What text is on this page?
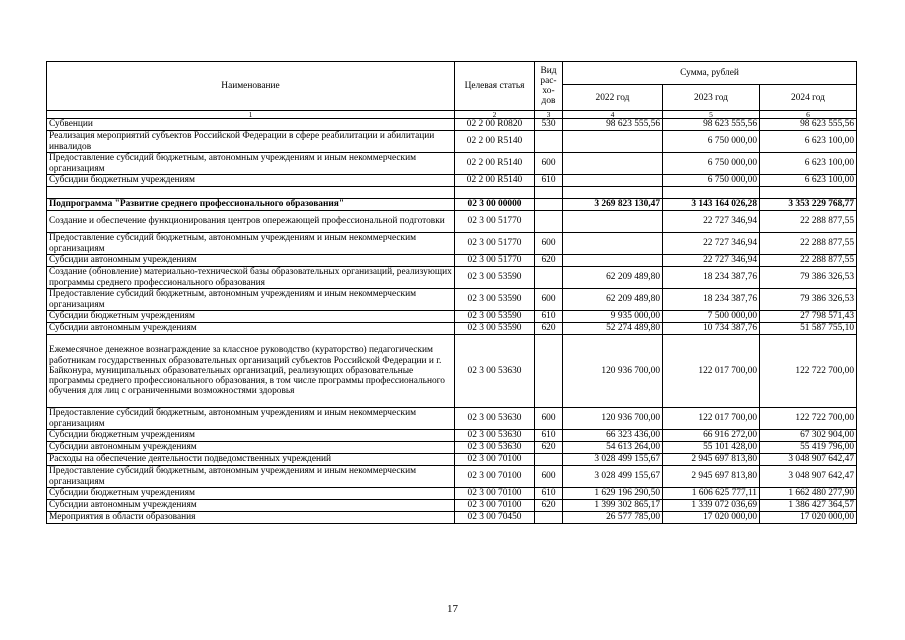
Наименование	Целевая статья	Вид рас-хо-дов	Сумма, рублей		
			2022 год	2023 год	2024 год
1	2	3	4	5	6
Субвенции	02 2 00 R0820	530	98 623 555,56	98 623 555,56	98 623 555,56
Реализация мероприятий субъектов Российской Федерации в сфере реабилитации и абилитации инвалидов	02 2 00 R5140			6 750 000,00	6 623 100,00
Предоставление субсидий бюджетным, автономным учреждениям и иным некоммерческим организациям	02 2 00 R5140	600		6 750 000,00	6 623 100,00
Субсидии бюджетным учреждениям	02 2 00 R5140	610		6 750 000,00	6 623 100,00

Подпрограмма "Развитие среднего профессионального образования"	02 3 00 00000		3 269 823 130,47	3 143 164 026,28	3 353 229 768,77
Создание и обеспечение функционирования центров опережающей профессиональной подготовки	02 3 00 51770			22 727 346,94	22 288 877,55
Предоставление субсидий бюджетным, автономным учреждениям и иным некоммерческим организациям	02 3 00 51770	600		22 727 346,94	22 288 877,55
Субсидии автономным учреждениям	02 3 00 51770	620		22 727 346,94	22 288 877,55
Создание (обновление) материально-технической базы образовательных организаций, реализующих программы среднего профессионального образования	02 3 00 53590		62 209 489,80	18 234 387,76	79 386 326,53
Предоставление субсидий бюджетным, автономным учреждениям и иным некоммерческим организациям	02 3 00 53590	600	62 209 489,80	18 234 387,76	79 386 326,53
Субсидии бюджетным учреждениям	02 3 00 53590	610	9 935 000,00	7 500 000,00	27 798 571,43
Субсидии автономным учреждениям	02 3 00 53590	620	52 274 489,80	10 734 387,76	51 587 755,10
Ежемесячное денежное вознаграждение за классное руководство (кураторство) педагогическим работникам государственных образовательных организаций субъектов Российской Федерации и г. Байконура, муниципальных образовательных организаций, реализующих образовательные программы среднего профессионального образования, в том числе программы профессионального обучения для лиц с ограниченными возможностями здоровья	02 3 00 53630		120 936 700,00	122 017 700,00	122 722 700,00
Предоставление субсидий бюджетным, автономным учреждениям и иным некоммерческим организациям	02 3 00 53630	600	120 936 700,00	122 017 700,00	122 722 700,00
Субсидии бюджетным учреждениям	02 3 00 53630	610	66 323 436,00	66 916 272,00	67 302 904,00
Субсидии автономным учреждениям	02 3 00 53630	620	54 613 264,00	55 101 428,00	55 419 796,00
Расходы на обеспечение деятельности подведомственных учреждений	02 3 00 70100		3 028 499 155,67	2 945 697 813,80	3 048 907 642,47
Предоставление субсидий бюджетным, автономным учреждениям и иным некоммерческим организациям	02 3 00 70100	600	3 028 499 155,67	2 945 697 813,80	3 048 907 642,47
Субсидии бюджетным учреждениям	02 3 00 70100	610	1 629 196 290,50	1 606 625 777,11	1 662 480 277,90
Субсидии автономным учреждениям	02 3 00 70100	620	1 399 302 865,17	1 339 072 036,69	1 386 427 364,57
Мероприятия в области образования	02 3 00 70450		26 577 785,00	17 020 000,00	17 020 000,00
17
